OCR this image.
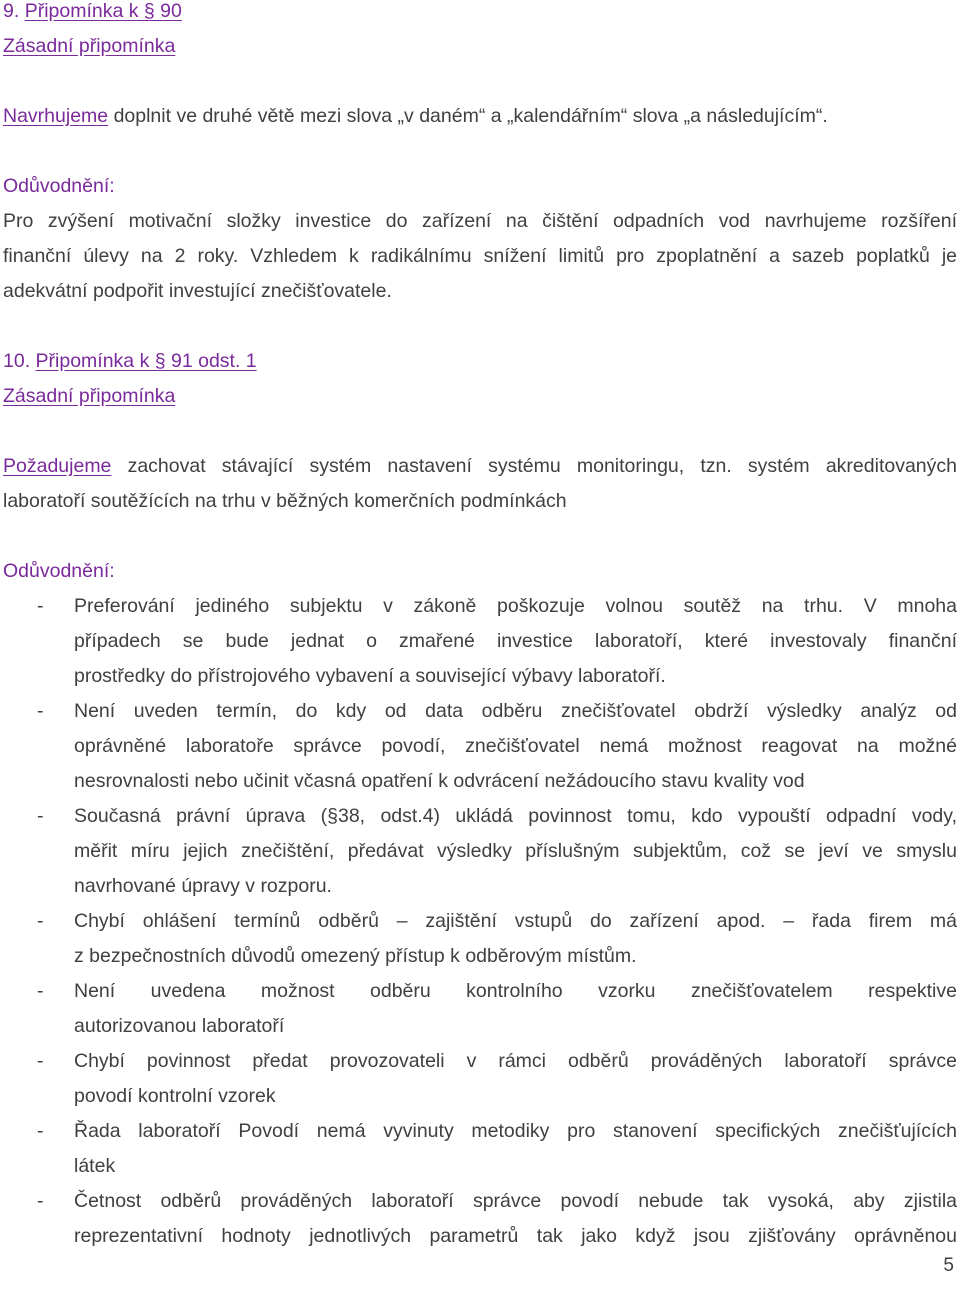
9. Připomínka k § 90

Zásadní připomínka

Navrhujeme doplnit ve druhé větě mezi slova „v daném“ a „kalendářním“ slova „a následujícím“.

Odůvodnění:

Pro zvýšení motivační složky investice do zařízení na čištění odpadních vod navrhujeme rozšíření

finanční úlevy na 2 roky. Vzhledem k radikálnímu snížení limitů pro zpoplatnění a sazeb poplatků je

adekvátní podpořit investující znečišťovatele.

10. Připomínka k § 91 odst. 1

Zásadní připomínka

Požadujeme zachovat stávající systém nastavení systému monitoringu, tzn. systém akreditovaných

laboratoří soutěžících na trhu v běžných komerčních podmínkách

Odůvodnění:

- Preferování jediného subjektu v zákoně poškozuje volnou soutěž na trhu. V mnoha

případech se bude jednat o zmařené investice laboratoří, které investovaly finanční

prostředky do přístrojového vybavení a související výbavy laboratoří.

- Není uveden termín, do kdy od data odběru znečišťovatel obdrží výsledky analýz od

oprávněné laboratoře správce povodí, znečišťovatel nemá možnost reagovat na možné

nesrovnalosti nebo učinit včasná opatření k odvrácení nežádoucího stavu kvality vod

- Současná právní úprava (§38, odst.4) ukládá povinnost tomu, kdo vypouští odpadní vody,

měřit míru jejich znečištění, předávat výsledky příslušným subjektům, což se jeví ve smyslu

navrhované úpravy v rozporu.

- Chybí ohlášení termínů odběrů – zajištění vstupů do zařízení apod. – řada firem má

z bezpečnostních důvodů omezený přístup k odběrovým místům.

- Není uvedena možnost odběru kontrolního vzorku znečišťovatelem respektive

autorizovanou laboratoří

- Chybí povinnost předat provozovateli v rámci odběrů prováděných laboratoří správce

povodí kontrolní vzorek

- Řada laboratoří Povodí nemá vyvinuty metodiky pro stanovení specifických znečišťujících

látek

- Četnost odběrů prováděných laboratoří správce povodí nebude tak vysoká, aby zjistila

reprezentativní hodnoty jednotlivých parametrů tak jako když jsou zjišťovány oprávněnou

5
